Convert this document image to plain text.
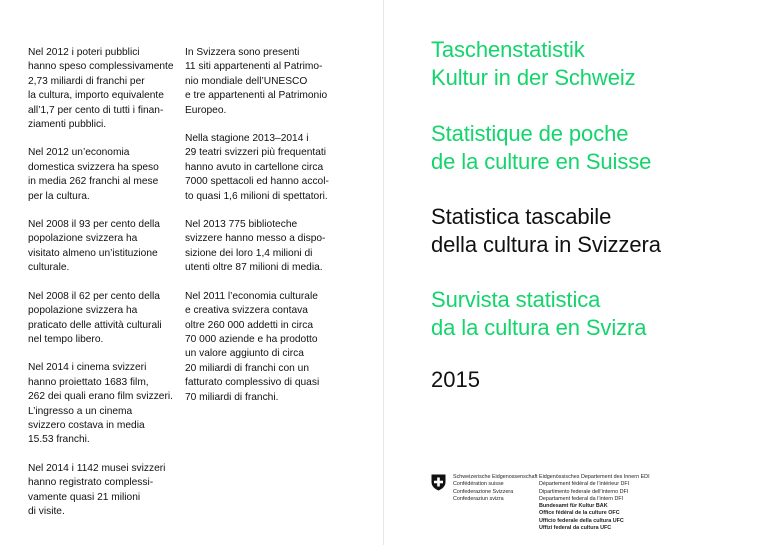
Nel 2012 i poteri pubblici
hanno speso complessivamente
2,73 miliardi di franchi per
la cultura, importo equivalente
all’1,7 per cento di tutti i finan-
ziamenti pubblici.

Nel 2012 un’economia
domestica svizzera ha speso
in media 262 franchi al mese
per la cultura.

Nel 2008 il 93 per cento della
popolazione svizzera ha
visitato almeno un’istituzione
culturale.

Nel 2008 il 62 per cento della
popolazione svizzera ha
praticato delle attività culturali
nel tempo libero.

Nel 2014 i cinema svizzeri
hanno proiettato 1683 film,
262 dei quali erano film svizzeri.
L’ingresso a un cinema
svizzero costava in media
15.53 franchi.

Nel 2014 i 1142 musei svizzeri
hanno registrato complessi-
vamente quasi 21 milioni
di visite.

In Svizzera sono presenti
11 siti appartenenti al Patrimo-
nio mondiale dell’UNESCO
e tre appartenenti al Patrimonio
Europeo.

Nella stagione 2013–2014 i
29 teatri svizzeri più frequentati
hanno avuto in cartellone circa
7000 spettacoli ed hanno accol-
to quasi 1,6 milioni di spettatori.

Nel 2013 775 biblioteche
svizzere hanno messo a dispo-
sizione dei loro 1,4 milioni di
utenti oltre 87 milioni di media.

Nel 2011 l’economia culturale
e creativa svizzera contava
oltre 260 000 addetti in circa
70 000 aziende e ha prodotto
un valore aggiunto di circa
20 miliardi di franchi con un
fatturato complessivo di quasi
70 miliardi di franchi.

Taschenstatistik
Kultur in der Schweiz
Statistique de poche
de la culture en Suisse
Statistica tascabile
della cultura in Svizzera
Survista statistica
da la cultura en Svizra
2015
Schweizerische Eidgenossenschaft
Confédération suisse
Confederazione Svizzera
Confederaziun svizra
Eidgenössisches Departement des Innern EDI
Département fédéral de l’intérieur DFI
Dipartimento federale dell’interno DFI
Departament federal da l’intern DFI
Bundesamt für Kultur BAK
Office fédéral de la culture OFC
Ufficio federale della cultura UFC
Uffizi federal da cultura UFC
